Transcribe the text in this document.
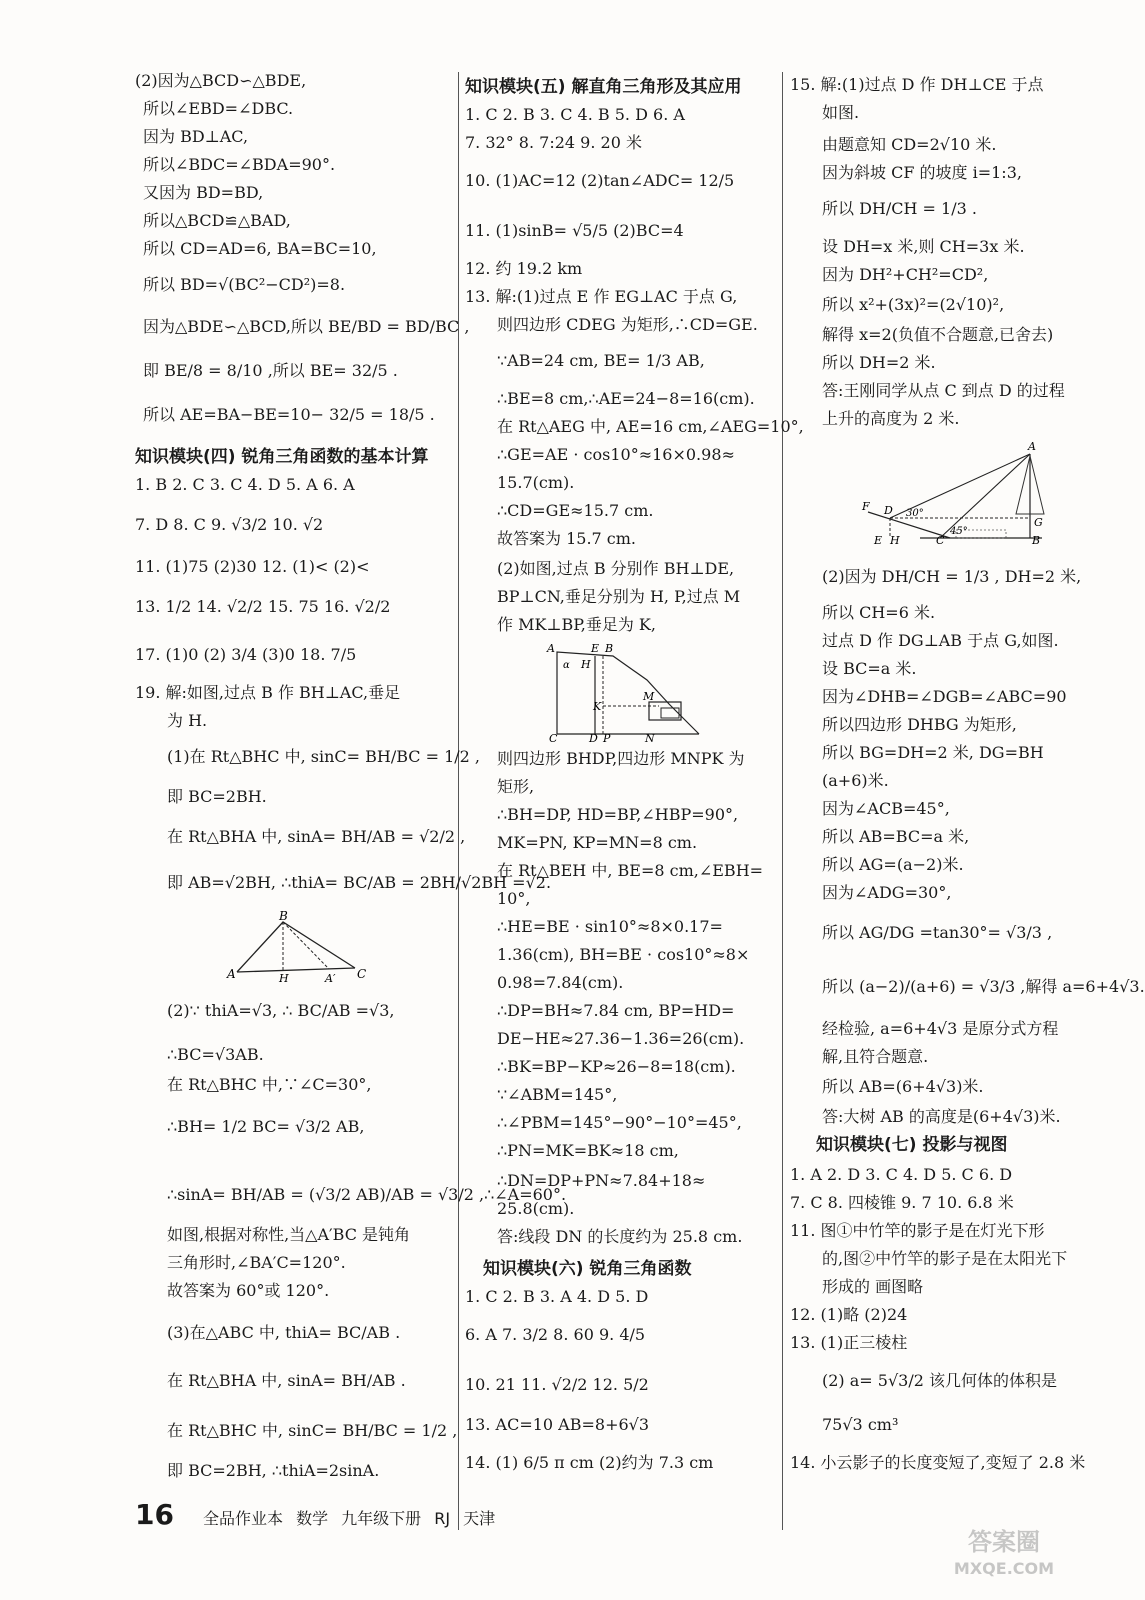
(2)因为△BCD∽△BDE,
所以∠EBD=∠DBC.
因为 BD⊥AC,
所以∠BDC=∠BDA=90°.
又因为 BD=BD,
所以△BCD≌△BAD,
所以 CD=AD=6, BA=BC=10,
所以 BD=√(BC²−CD²)=8.
因为△BDE∽△BCD,所以 BE/BD = BD/BC ,
即 BE/8 = 8/10 ,所以 BE= 32/5 .
所以 AE=BA−BE=10− 32/5 = 18/5 .
知识模块(四) 锐角三角函数的基本计算
1. B 2. C 3. C 4. D 5. A 6. A
7. D 8. C 9. √3/2 10. √2
11. (1)75 (2)30 12. (1)< (2)<
13. 1/2 14. √2/2 15. 75 16. √2/2
17. (1)0 (2) 3/4 (3)0 18. 7/5
19. 解:如图,过点 B 作 BH⊥AC,垂足
为 H.
(1)在 Rt△BHC 中, sinC= BH/BC = 1/2 ,
即 BC=2BH.
在 Rt△BHA 中, sinA= BH/AB = √2/2 ,
即 AB=√2BH, ∴thiA= BC/AB = 2BH/√2BH =√2.
A
B
H	A′ C
(2)∵ thiA=√3, ∴ BC/AB =√3,
∴BC=√3AB.
在 Rt△BHC 中,∵∠C=30°,
∴BH= 1/2 BC= √3/2 AB,
∴sinA= BH/AB = (√3/2 AB)/AB = √3/2 ,∴∠A=60°.
如图,根据对称性,当△A′BC 是钝角
三角形时,∠BA′C=120°.
故答案为 60°或 120°.
(3)在△ABC 中, thiA= BC/AB .
在 Rt△BHA 中, sinA= BH/AB .
在 Rt△BHC 中, sinC= BH/BC = 1/2 ,
即 BC=2BH, ∴thiA=2sinA.
知识模块(五) 解直角三角形及其应用
1. C 2. B 3. C 4. B 5. D 6. A
7. 32° 8. 7:24 9. 20 米
10. (1)AC=12 (2)tan∠ADC= 12/5
11. (1)sinB= √5/5 (2)BC=4
12. 约 19.2 km
13. 解:(1)过点 E 作 EG⊥AC 于点 G,
则四边形 CDEG 为矩形,∴CD=GE.
∵AB=24 cm, BE= 1/3 AB,
∴BE=8 cm,∴AE=24−8=16(cm).
在 Rt△AEG 中, AE=16 cm,∠AEG=10°,
∴GE=AE · cos10°≈16×0.98≈
15.7(cm).
∴CD=GE≈15.7 cm.
故答案为 15.7 cm.
(2)如图,过点 B 分别作 BH⊥DE,
BP⊥CN,垂足分别为 H, P,过点 M
作 MK⊥BP,垂足为 K,
A	E B
H
α
K
M
C	D P	N
则四边形 BHDP,四边形 MNPK 为
矩形,
∴BH=DP, HD=BP,∠HBP=90°,
MK=PN, KP=MN=8 cm.
在 Rt△BEH 中, BE=8 cm,∠EBH=
10°,
∴HE=BE · sin10°≈8×0.17=
1.36(cm), BH=BE · cos10°≈8×
0.98=7.84(cm).
∴DP=BH≈7.84 cm, BP=HD=
DE−HE≈27.36−1.36=26(cm).
∴BK=BP−KP≈26−8=18(cm).
∵∠ABM=145°,
∴∠PBM=145°−90°−10°=45°,
∴PN=MK=BK≈18 cm,
∴DN=DP+PN≈7.84+18≈
25.8(cm).
答:线段 DN 的长度约为 25.8 cm.
知识模块(六) 锐角三角函数
1. C 2. B 3. A 4. D 5. D
6. A 7. 3/2 8. 60 9. 4/5
10. 21 11. √2/2 12. 5/2
13. AC=10 AB=8+6√3
14. (1) 6/5 π cm (2)约为 7.3 cm
15. 解:(1)过点 D 作 DH⊥CE 于点
如图.
由题意知 CD=2√10 米.
因为斜坡 CF 的坡度 i=1:3,
所以 DH/CH = 1/3 .
设 DH=x 米,则 CH=3x 米.
因为 DH²+CH²=CD²,
所以 x²+(3x)²=(2√10)²,
解得 x=2(负值不合题意,已舍去)
所以 DH=2 米.
答:王刚同学从点 C 到点 D 的过程
上升的高度为 2 米.
A
F D 30°
45°
G
E H	C	B
(2)因为 DH/CH = 1/3 , DH=2 米,
所以 CH=6 米.
过点 D 作 DG⊥AB 于点 G,如图.
设 BC=a 米.
因为∠DHB=∠DGB=∠ABC=90
所以四边形 DHBG 为矩形,
所以 BG=DH=2 米, DG=BH
(a+6)米.
因为∠ACB=45°,
所以 AB=BC=a 米,
所以 AG=(a−2)米.
因为∠ADG=30°,
所以 AG/DG =tan30°= √3/3 ,
所以 (a−2)/(a+6) = √3/3 ,解得 a=6+4√3.
经检验, a=6+4√3 是原分式方程
解,且符合题意.
所以 AB=(6+4√3)米.
答:大树 AB 的高度是(6+4√3)米.
知识模块(七) 投影与视图
1. A 2. D 3. C 4. D 5. C 6. D
7. C 8. 四棱锥 9. 7 10. 6.8 米
11. 图①中竹竿的影子是在灯光下形
的,图②中竹竿的影子是在太阳光下
形成的 画图略
12. (1)略 (2)24
13. (1)正三棱柱
(2) a= 5√3/2 该几何体的体积是
75√3 cm³
14. 小云影子的长度变短了,变短了 2.8 米
16 全品作业本 数学 九年级下册 RJ 天津
答案圈
MXQE.COM
